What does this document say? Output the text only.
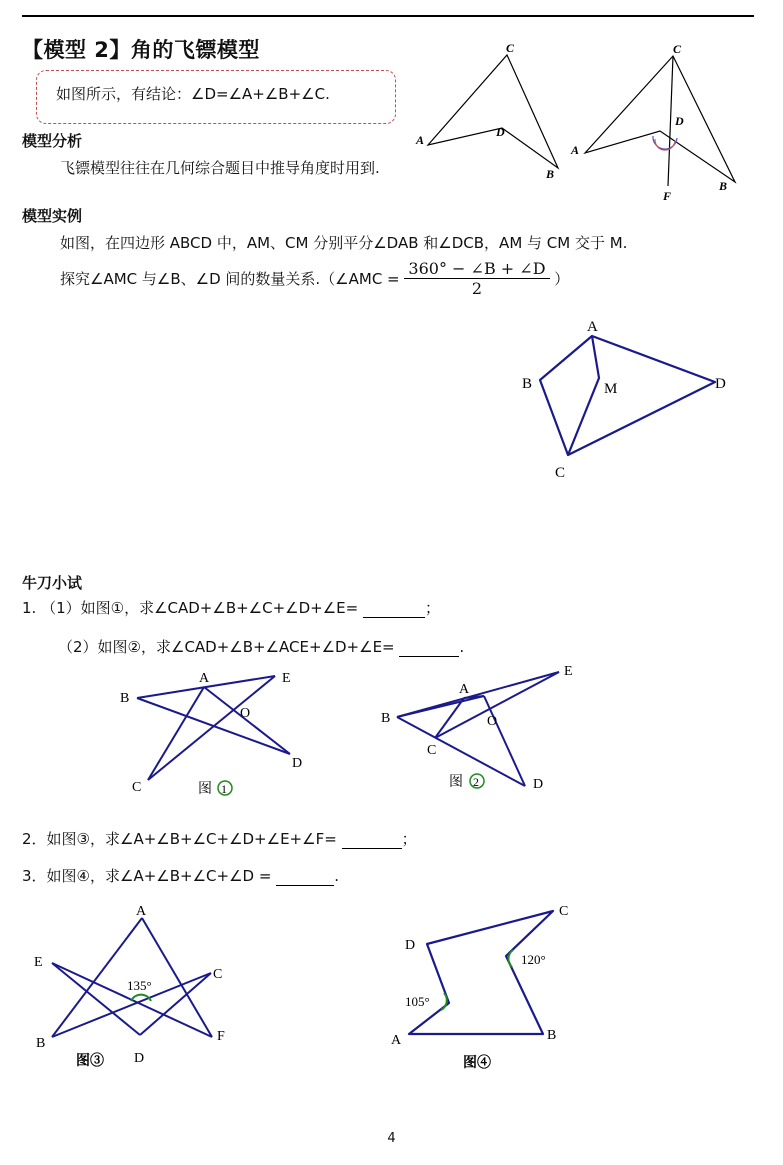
【模型 2】角的飞镖模型
如图所示，有结论：∠D=∠A+∠B+∠C.
模型分析
飞镖模型往往在几何综合题目中推导角度时用到.
模型实例
如图，在四边形 ABCD 中，AM、CM 分别平分∠DAB 和∠DCB，AM 与 CM 交于 M.
探究∠AMC 与∠B、∠D 间的数量关系.（∠AMC = $\frac{360^\circ - \angle B + \angle D}{2}$ ）
A
C
B
D
A
C
B
D
F
A
B
C
D
M
牛刀小试
1. （1）如图①，求∠CAD+∠B+∠C+∠D+∠E=	；
（2）如图②，求∠CAD+∠B+∠ACE+∠D+∠E=	.
A
B
C
D
E
O
图 1
A
B
C
D
E
O
图 2
2．如图③，求∠A+∠B+∠C+∠D+∠E+∠F=	；
3．如图④，求∠A+∠B+∠C+∠D =	.
A
B
C
D
E
F
135°
图③
A	B
C
D
120°
105°
图④
4
